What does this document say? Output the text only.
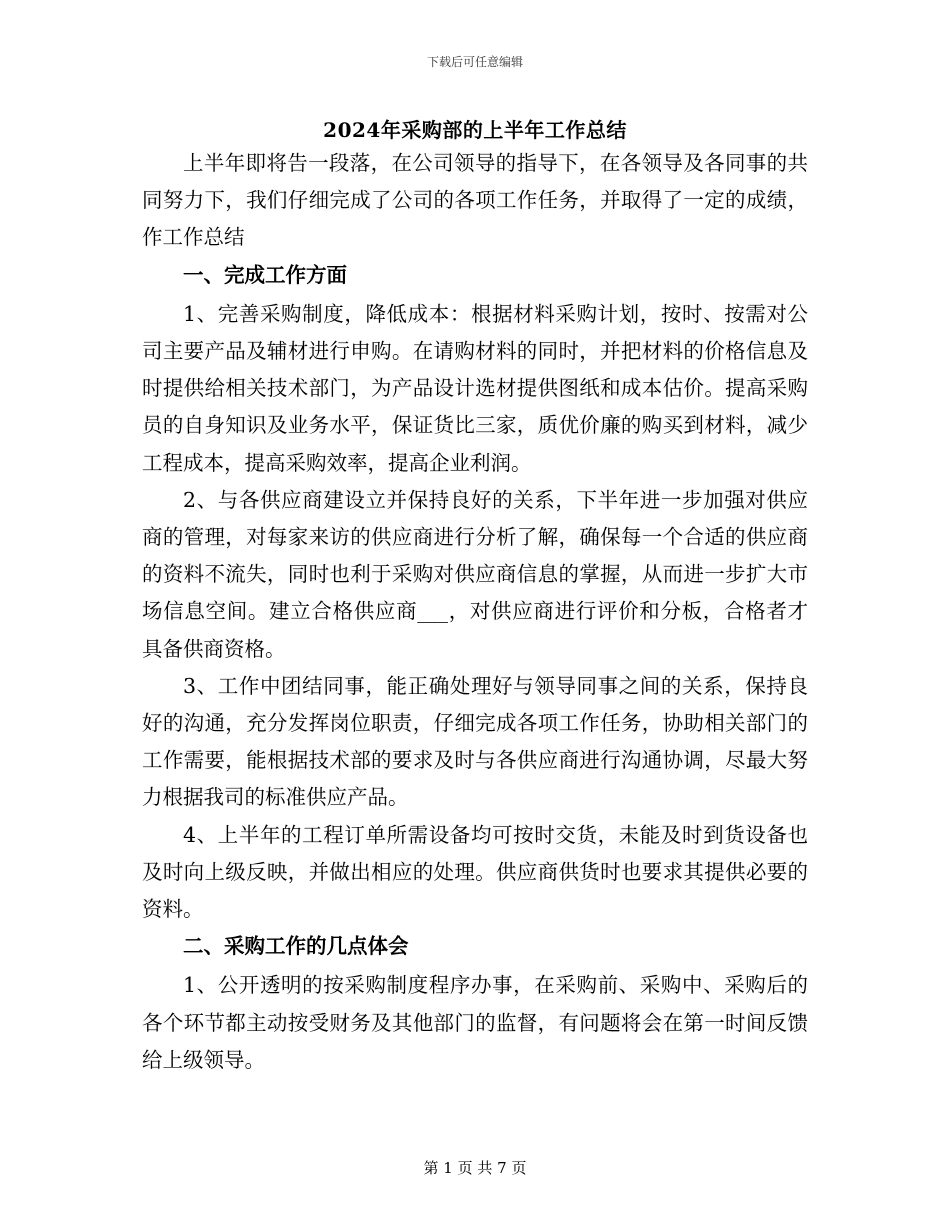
下载后可任意编辑
2024年采购部的上半年工作总结

上半年即将告一段落，在公司领导的指导下，在各领导及各同事的共同努力下，我们仔细完成了公司的各项工作任务，并取得了一定的成绩，作工作总结

一、完成工作方面

1、完善采购制度，降低成本：根据材料采购计划，按时、按需对公司主要产品及辅材进行申购。在请购材料的同时，并把材料的价格信息及时提供给相关技术部门，为产品设计选材提供图纸和成本估价。提高采购员的自身知识及业务水平，保证货比三家，质优价廉的购买到材料，减少工程成本，提高采购效率，提高企业利润。

2、与各供应商建设立并保持良好的关系，下半年进一步加强对供应商的管理，对每家来访的供应商进行分析了解，确保每一个合适的供应商的资料不流失，同时也利于采购对供应商信息的掌握，从而进一步扩大市场信息空间。建立合格供应商___，对供应商进行评价和分板，合格者才具备供商资格。

3、工作中团结同事，能正确处理好与领导同事之间的关系，保持良好的沟通，充分发挥岗位职责，仔细完成各项工作任务，协助相关部门的工作需要，能根据技术部的要求及时与各供应商进行沟通协调，尽最大努力根据我司的标准供应产品。

4、上半年的工程订单所需设备均可按时交货，未能及时到货设备也及时向上级反映，并做出相应的处理。供应商供货时也要求其提供必要的资料。

二、采购工作的几点体会

1、公开透明的按采购制度程序办事，在采购前、采购中、采购后的各个环节都主动按受财务及其他部门的监督，有问题将会在第一时间反馈给上级领导。

第 1 页 共 7 页
